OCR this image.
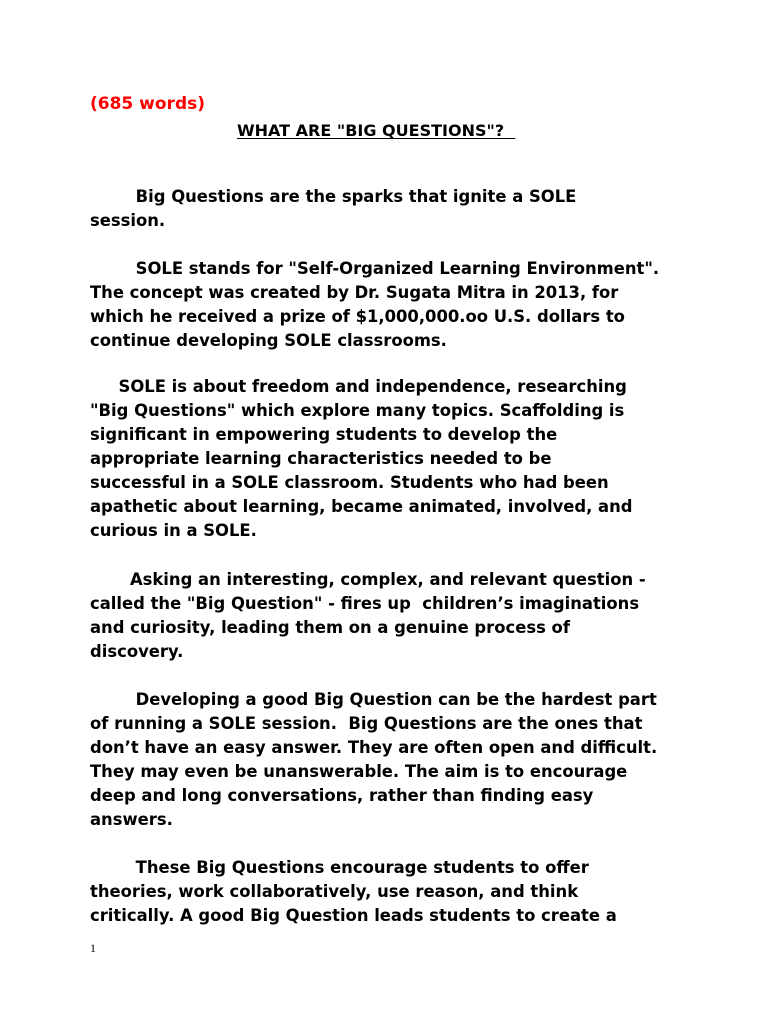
(685 words)

WHAT ARE "BIG QUESTIONS"?

Big Questions are the sparks that ignite a SOLE
session.
SOLE stands for "Self-Organized Learning Environment".
The concept was created by Dr. Sugata Mitra in 2013, for
which he received a prize of $1,000,000.oo U.S. dollars to
continue developing SOLE classrooms.
SOLE is about freedom and independence, researching
"Big Questions" which explore many topics. Scaffolding is
significant in empowering students to develop the
appropriate learning characteristics needed to be
successful in a SOLE classroom. Students who had been
apathetic about learning, became animated, involved, and
curious in a SOLE.
Asking an interesting, complex, and relevant question -
called the "Big Question" - fires up  children’s imaginations
and curiosity, leading them on a genuine process of
discovery.
Developing a good Big Question can be the hardest part
of running a SOLE session.  Big Questions are the ones that
don’t have an easy answer. They are often open and difficult.
They may even be unanswerable. The aim is to encourage
deep and long conversations, rather than finding easy
answers.
These Big Questions encourage students to offer
theories, work collaboratively, use reason, and think
critically. A good Big Question leads students to create a

1
